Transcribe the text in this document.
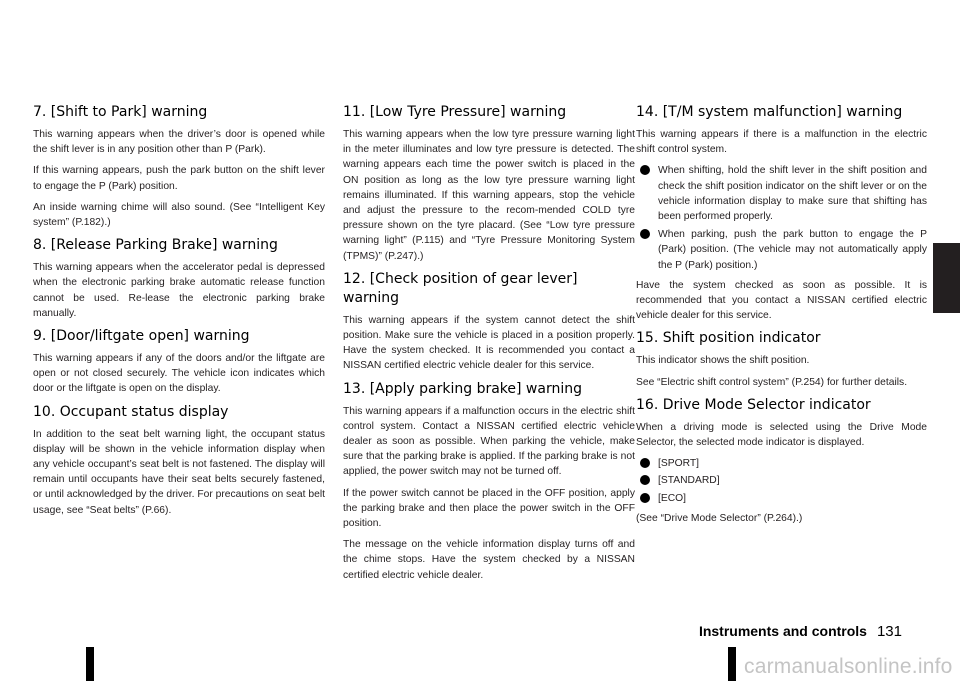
7. [Shift to Park] warning

This warning appears when the driver’s door is opened while the shift lever is in any position other than P (Park).

If this warning appears, push the park button on the shift lever to engage the P (Park) position.

An inside warning chime will also sound. (See “Intelligent Key system” (P.182).)

8. [Release Parking Brake] warning

This warning appears when the accelerator pedal is depressed when the electronic parking brake automatic release function cannot be used. Re-lease the electronic parking brake manually.

9. [Door/liftgate open] warning

This warning appears if any of the doors and/or the liftgate are open or not closed securely. The vehicle icon indicates which door or the liftgate is open on the display.

10. Occupant status display

In addition to the seat belt warning light, the occupant status display will be shown in the vehicle information display when any vehicle occupant’s seat belt is not fastened. The display will remain until occupants have their seat belts securely fastened, or until acknowledged by the driver. For precautions on seat belt usage, see “Seat belts” (P.66).

11. [Low Tyre Pressure] warning

This warning appears when the low tyre pressure warning light in the meter illuminates and low tyre pressure is detected. The warning appears each time the power switch is placed in the ON position as long as the low tyre pressure warning light remains illuminated. If this warning appears, stop the vehicle and adjust the pressure to the recom-mended COLD tyre pressure shown on the tyre placard. (See “Low tyre pressure warning light” (P.115) and “Tyre Pressure Monitoring System (TPMS)” (P.247).)

12. [Check position of gear lever] warning

This warning appears if the system cannot detect the shift position. Make sure the vehicle is placed in a position properly. Have the system checked. It is recommended you contact a NISSAN certified electric vehicle dealer for this service.

13. [Apply parking brake] warning

This warning appears if a malfunction occurs in the electric shift control system. Contact a NISSAN certified electric vehicle dealer as soon as possible. When parking the vehicle, make sure that the parking brake is applied. If the parking brake is not applied, the power switch may not be turned off.

If the power switch cannot be placed in the OFF position, apply the parking brake and then place the power switch in the OFF position.

The message on the vehicle information display turns off and the chime stops. Have the system checked by a NISSAN certified electric vehicle dealer.

14. [T/M system malfunction] warning

This warning appears if there is a malfunction in the electric shift control system.

When shifting, hold the shift lever in the shift position and check the shift position indicator on the shift lever or on the vehicle information display to make sure that shifting has been performed properly.
When parking, push the park button to engage the P (Park) position. (The vehicle may not automatically apply the P (Park) position.)

Have the system checked as soon as possible. It is recommended that you contact a NISSAN certified electric vehicle dealer for this service.

15. Shift position indicator

This indicator shows the shift position.

See “Electric shift control system” (P.254) for further details.

16. Drive Mode Selector indicator

When a driving mode is selected using the Drive Mode Selector, the selected mode indicator is displayed.

[SPORT]
[STANDARD]
[ECO]

(See “Drive Mode Selector” (P.264).)

Instruments and controls 131
carmanualsonline.info
